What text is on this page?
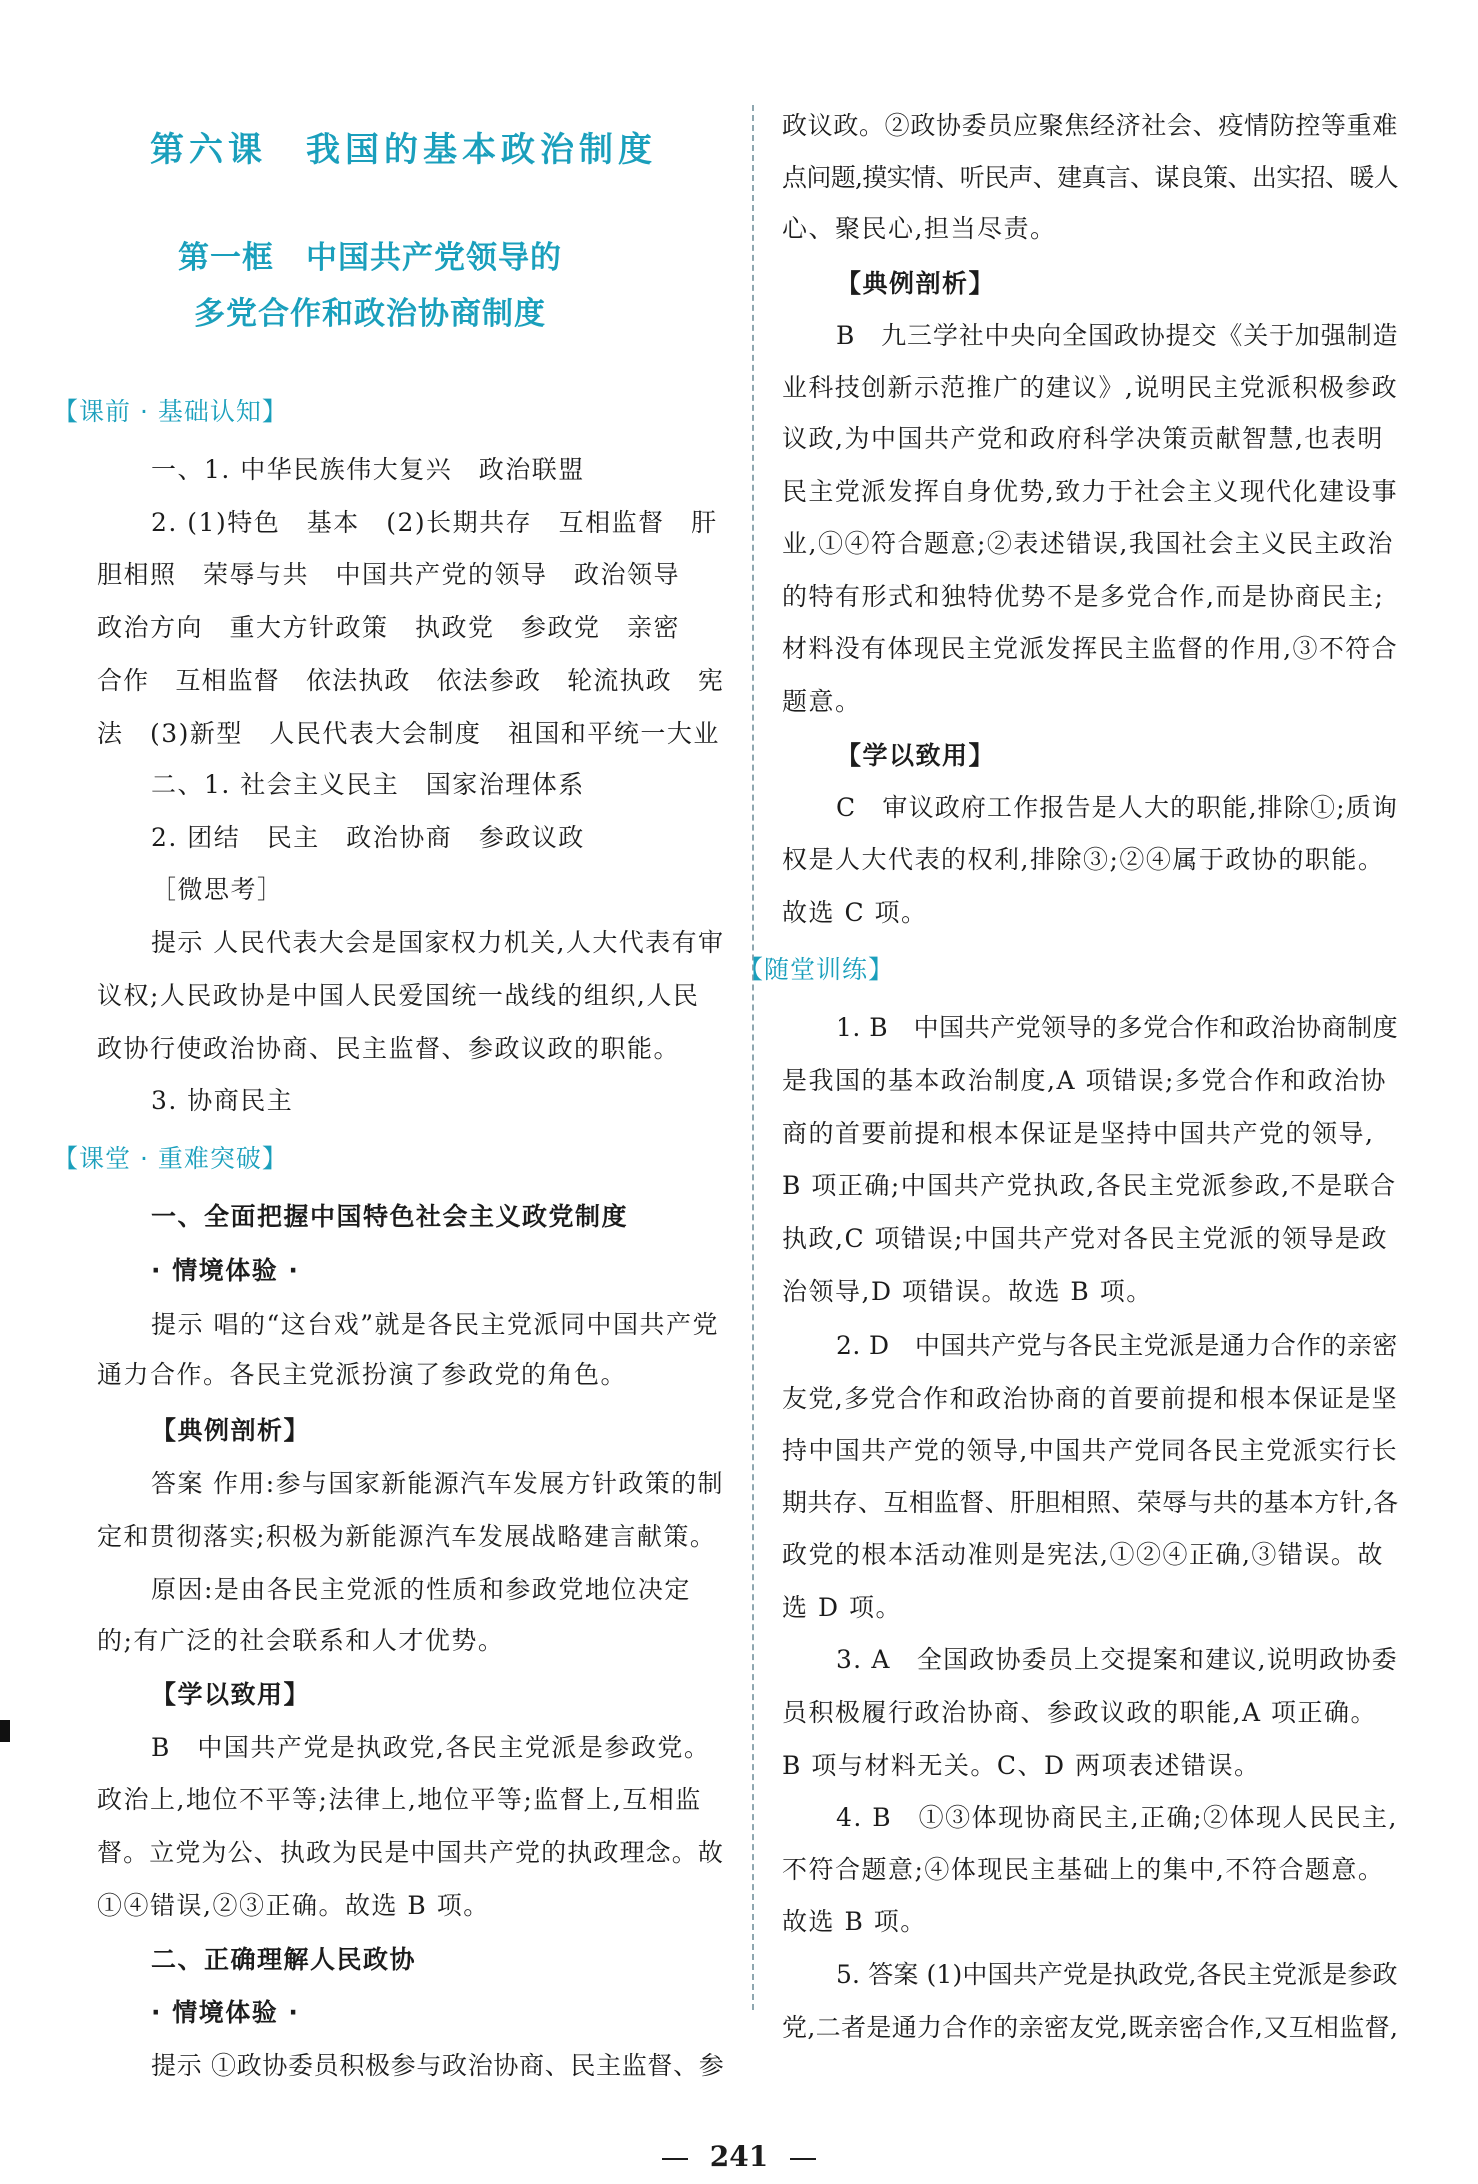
第六课　我国的基本政治制度
第一框　中国共产党领导的
多党合作和政治协商制度
【课前 · 基础认知】
一、1. 中华民族伟大复兴　政治联盟
2. (1)特色　基本　(2)长期共存　互相监督　肝
胆相照　荣辱与共　中国共产党的领导　政治领导
政治方向　重大方针政策　执政党　参政党　亲密
合作　互相监督　依法执政　依法参政　轮流执政　宪
法　(3)新型　人民代表大会制度　祖国和平统一大业
二、1. 社会主义民主　国家治理体系
2. 团结　民主　政治协商　参政议政
［微思考］
提示 人民代表大会是国家权力机关,人大代表有审
议权;人民政协是中国人民爱国统一战线的组织,人民
政协行使政治协商、民主监督、参政议政的职能。
3. 协商民主
【课堂 · 重难突破】
一、全面把握中国特色社会主义政党制度
· 情境体验 ·
提示 唱的“这台戏”就是各民主党派同中国共产党
通力合作。各民主党派扮演了参政党的角色。
【典例剖析】
答案 作用:参与国家新能源汽车发展方针政策的制
定和贯彻落实;积极为新能源汽车发展战略建言献策。
原因:是由各民主党派的性质和参政党地位决定
的;有广泛的社会联系和人才优势。
【学以致用】
B　中国共产党是执政党,各民主党派是参政党。
政治上,地位不平等;法律上,地位平等;监督上,互相监
督。立党为公、执政为民是中国共产党的执政理念。故
①④错误,②③正确。故选 B 项。
二、正确理解人民政协
· 情境体验 ·
提示 ①政协委员积极参与政治协商、民主监督、参
政议政。②政协委员应聚焦经济社会、疫情防控等重难
点问题,摸实情、听民声、建真言、谋良策、出实招、暖人
心、聚民心,担当尽责。
【典例剖析】
B　九三学社中央向全国政协提交《关于加强制造
业科技创新示范推广的建议》,说明民主党派积极参政
议政,为中国共产党和政府科学决策贡献智慧,也表明
民主党派发挥自身优势,致力于社会主义现代化建设事
业,①④符合题意;②表述错误,我国社会主义民主政治
的特有形式和独特优势不是多党合作,而是协商民主;
材料没有体现民主党派发挥民主监督的作用,③不符合
题意。
【学以致用】
C　审议政府工作报告是人大的职能,排除①;质询
权是人大代表的权利,排除③;②④属于政协的职能。
故选 C 项。
【随堂训练】
1. B　中国共产党领导的多党合作和政治协商制度
是我国的基本政治制度,A 项错误;多党合作和政治协
商的首要前提和根本保证是坚持中国共产党的领导,
B 项正确;中国共产党执政,各民主党派参政,不是联合
执政,C 项错误;中国共产党对各民主党派的领导是政
治领导,D 项错误。故选 B 项。
2. D　中国共产党与各民主党派是通力合作的亲密
友党,多党合作和政治协商的首要前提和根本保证是坚
持中国共产党的领导,中国共产党同各民主党派实行长
期共存、互相监督、肝胆相照、荣辱与共的基本方针,各
政党的根本活动准则是宪法,①②④正确,③错误。故
选 D 项。
3. A　全国政协委员上交提案和建议,说明政协委
员积极履行政治协商、参政议政的职能,A 项正确。
B 项与材料无关。C、D 两项表述错误。
4. B　①③体现协商民主,正确;②体现人民民主,
不符合题意;④体现民主基础上的集中,不符合题意。
故选 B 项。
5. 答案 (1)中国共产党是执政党,各民主党派是参政
党,二者是通力合作的亲密友党,既亲密合作,又互相监督,
241
